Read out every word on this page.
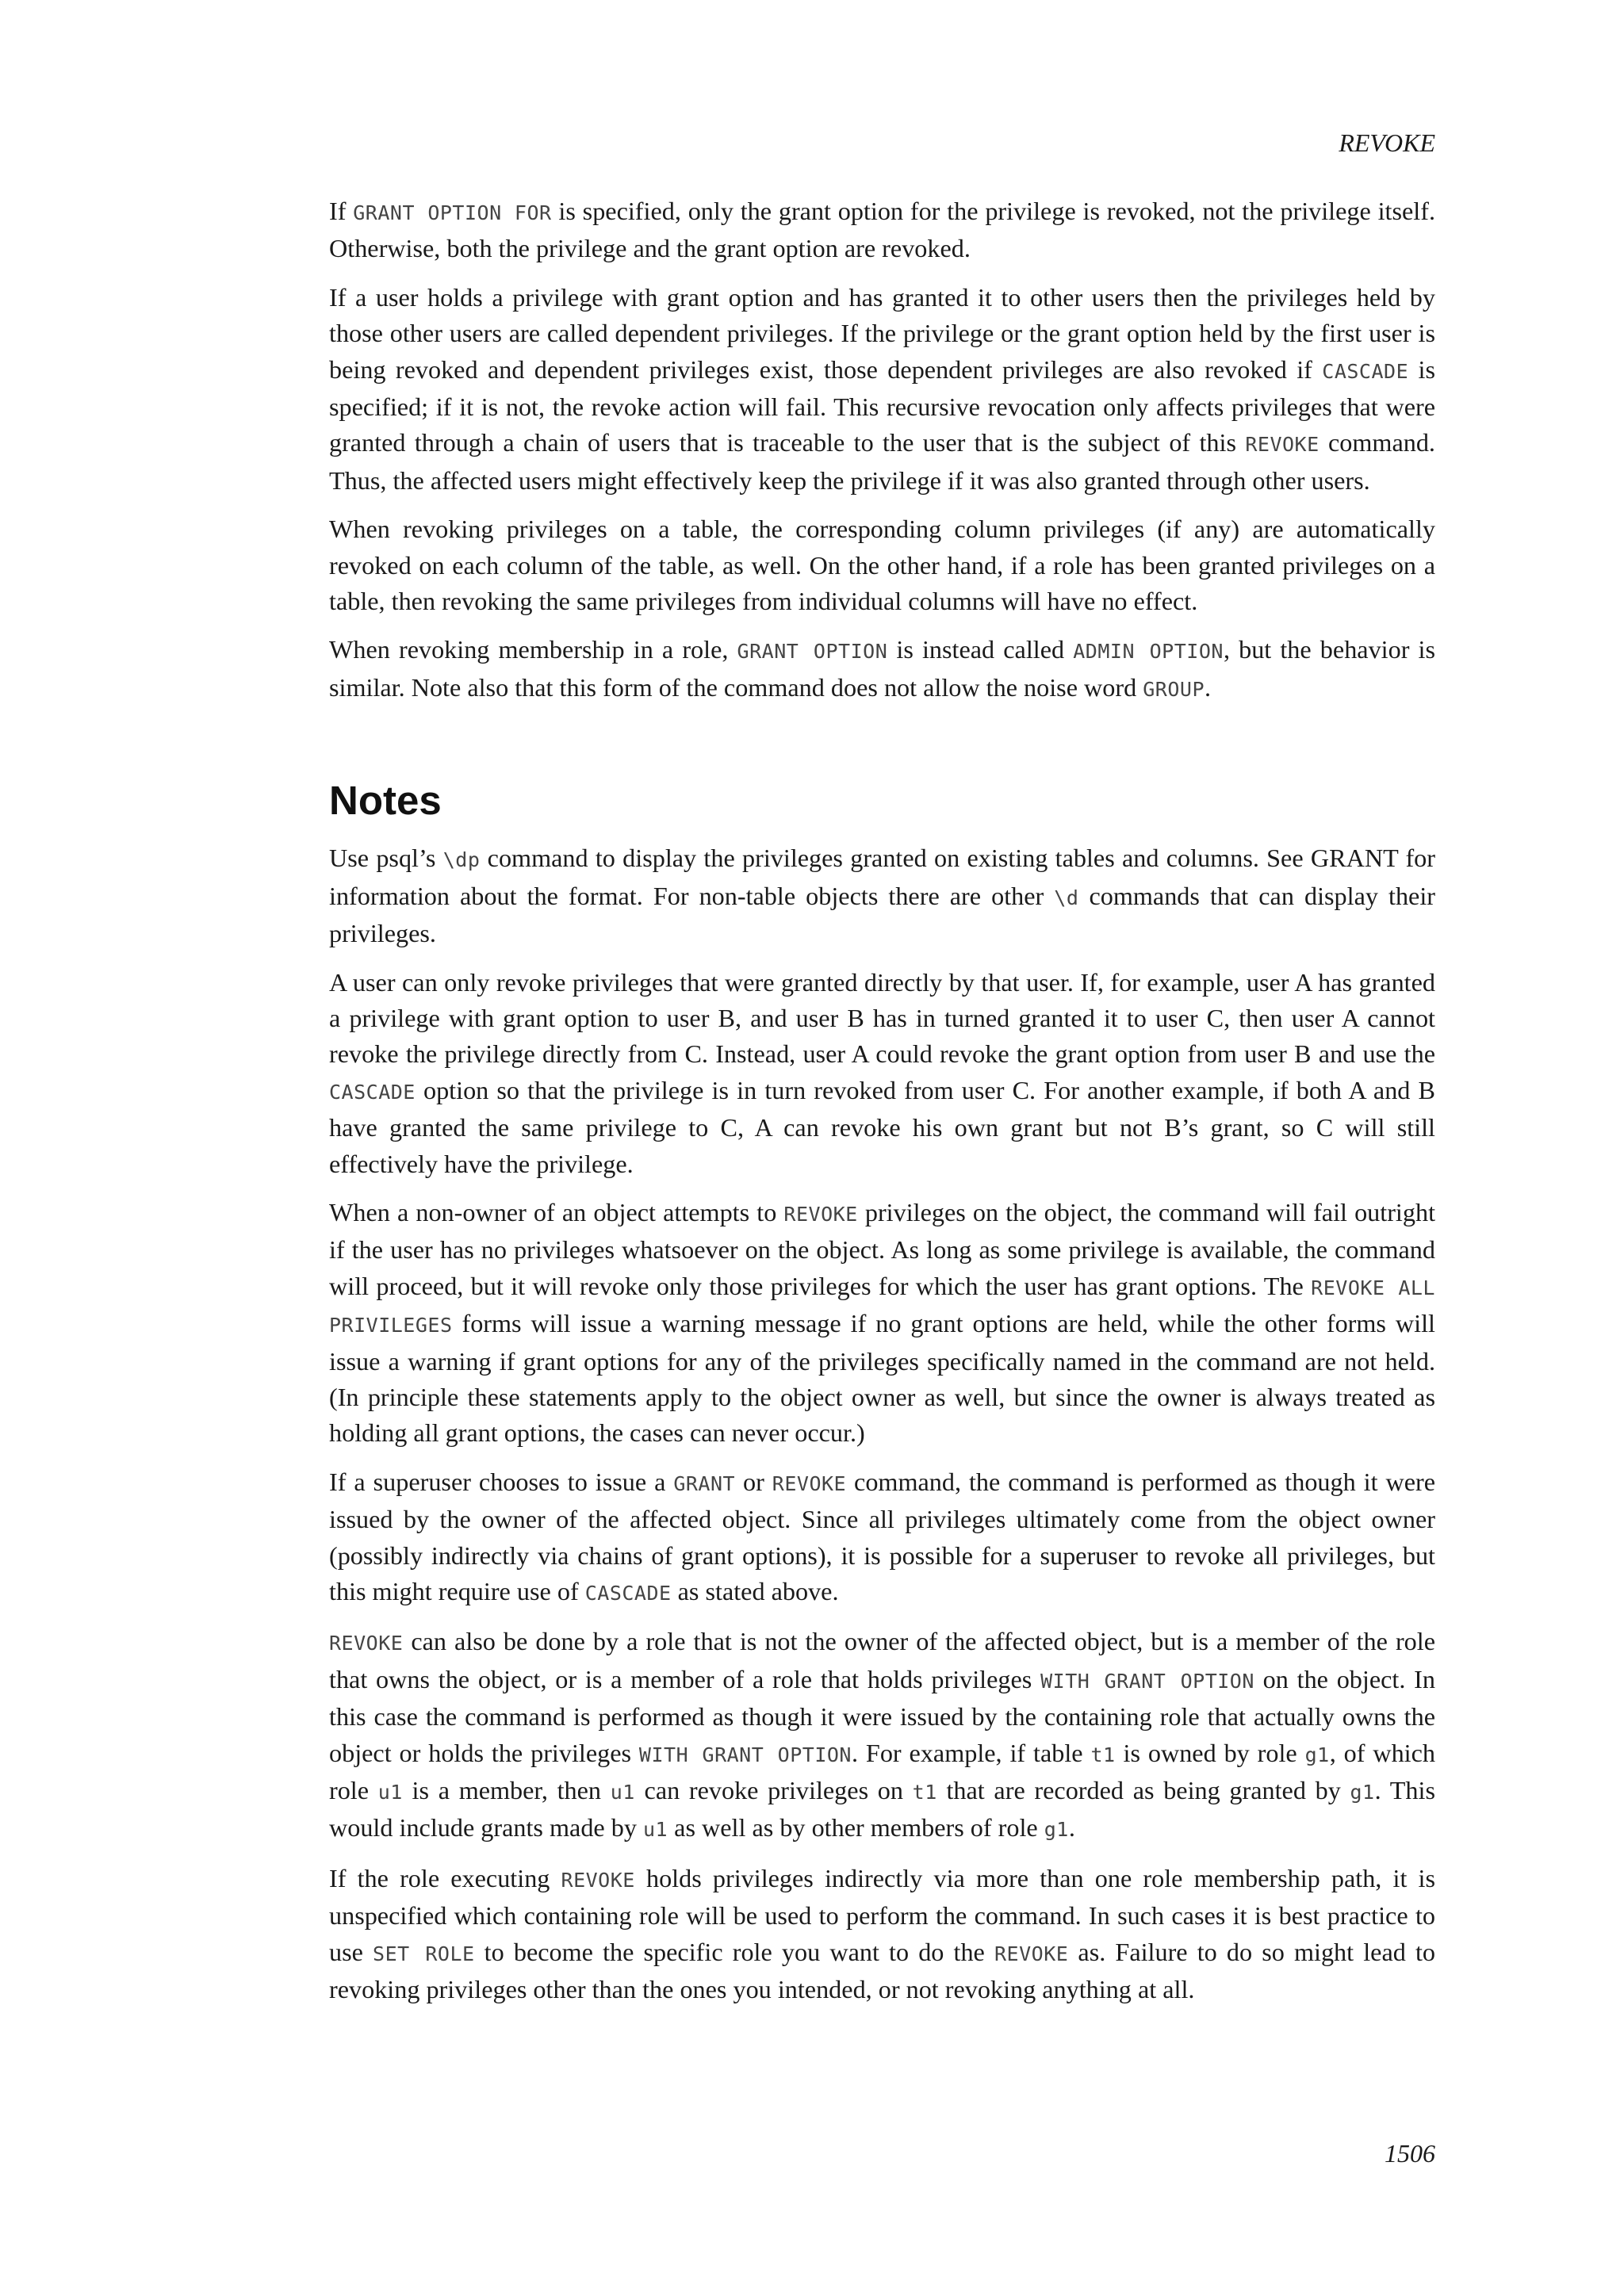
REVOKE

If GRANT OPTION FOR is specified, only the grant option for the privilege is revoked, not the privilege itself. Otherwise, both the privilege and the grant option are revoked.

If a user holds a privilege with grant option and has granted it to other users then the privileges held by those other users are called dependent privileges. If the privilege or the grant option held by the first user is being revoked and dependent privileges exist, those dependent privileges are also revoked if CASCADE is specified; if it is not, the revoke action will fail. This recursive revocation only affects privileges that were granted through a chain of users that is traceable to the user that is the subject of this REVOKE command. Thus, the affected users might effectively keep the privilege if it was also granted through other users.

When revoking privileges on a table, the corresponding column privileges (if any) are automatically revoked on each column of the table, as well. On the other hand, if a role has been granted privileges on a table, then revoking the same privileges from individual columns will have no effect.

When revoking membership in a role, GRANT OPTION is instead called ADMIN OPTION, but the behavior is similar. Note also that this form of the command does not allow the noise word GROUP.

Notes

Use psql’s \dp command to display the privileges granted on existing tables and columns. See GRANT for information about the format. For non-table objects there are other \d commands that can display their privileges.

A user can only revoke privileges that were granted directly by that user. If, for example, user A has granted a privilege with grant option to user B, and user B has in turned granted it to user C, then user A cannot revoke the privilege directly from C. Instead, user A could revoke the grant option from user B and use the CASCADE option so that the privilege is in turn revoked from user C. For another example, if both A and B have granted the same privilege to C, A can revoke his own grant but not B’s grant, so C will still effectively have the privilege.

When a non-owner of an object attempts to REVOKE privileges on the object, the command will fail outright if the user has no privileges whatsoever on the object. As long as some privilege is available, the command will proceed, but it will revoke only those privileges for which the user has grant options. The REVOKE ALL PRIVILEGES forms will issue a warning message if no grant options are held, while the other forms will issue a warning if grant options for any of the privileges specifically named in the command are not held. (In principle these statements apply to the object owner as well, but since the owner is always treated as holding all grant options, the cases can never occur.)

If a superuser chooses to issue a GRANT or REVOKE command, the command is performed as though it were issued by the owner of the affected object. Since all privileges ultimately come from the object owner (possibly indirectly via chains of grant options), it is possible for a superuser to revoke all privileges, but this might require use of CASCADE as stated above.

REVOKE can also be done by a role that is not the owner of the affected object, but is a member of the role that owns the object, or is a member of a role that holds privileges WITH GRANT OPTION on the object. In this case the command is performed as though it were issued by the containing role that actually owns the object or holds the privileges WITH GRANT OPTION. For example, if table t1 is owned by role g1, of which role u1 is a member, then u1 can revoke privileges on t1 that are recorded as being granted by g1. This would include grants made by u1 as well as by other members of role g1.

If the role executing REVOKE holds privileges indirectly via more than one role membership path, it is unspecified which containing role will be used to perform the command. In such cases it is best practice to use SET ROLE to become the specific role you want to do the REVOKE as. Failure to do so might lead to revoking privileges other than the ones you intended, or not revoking anything at all.

1506
